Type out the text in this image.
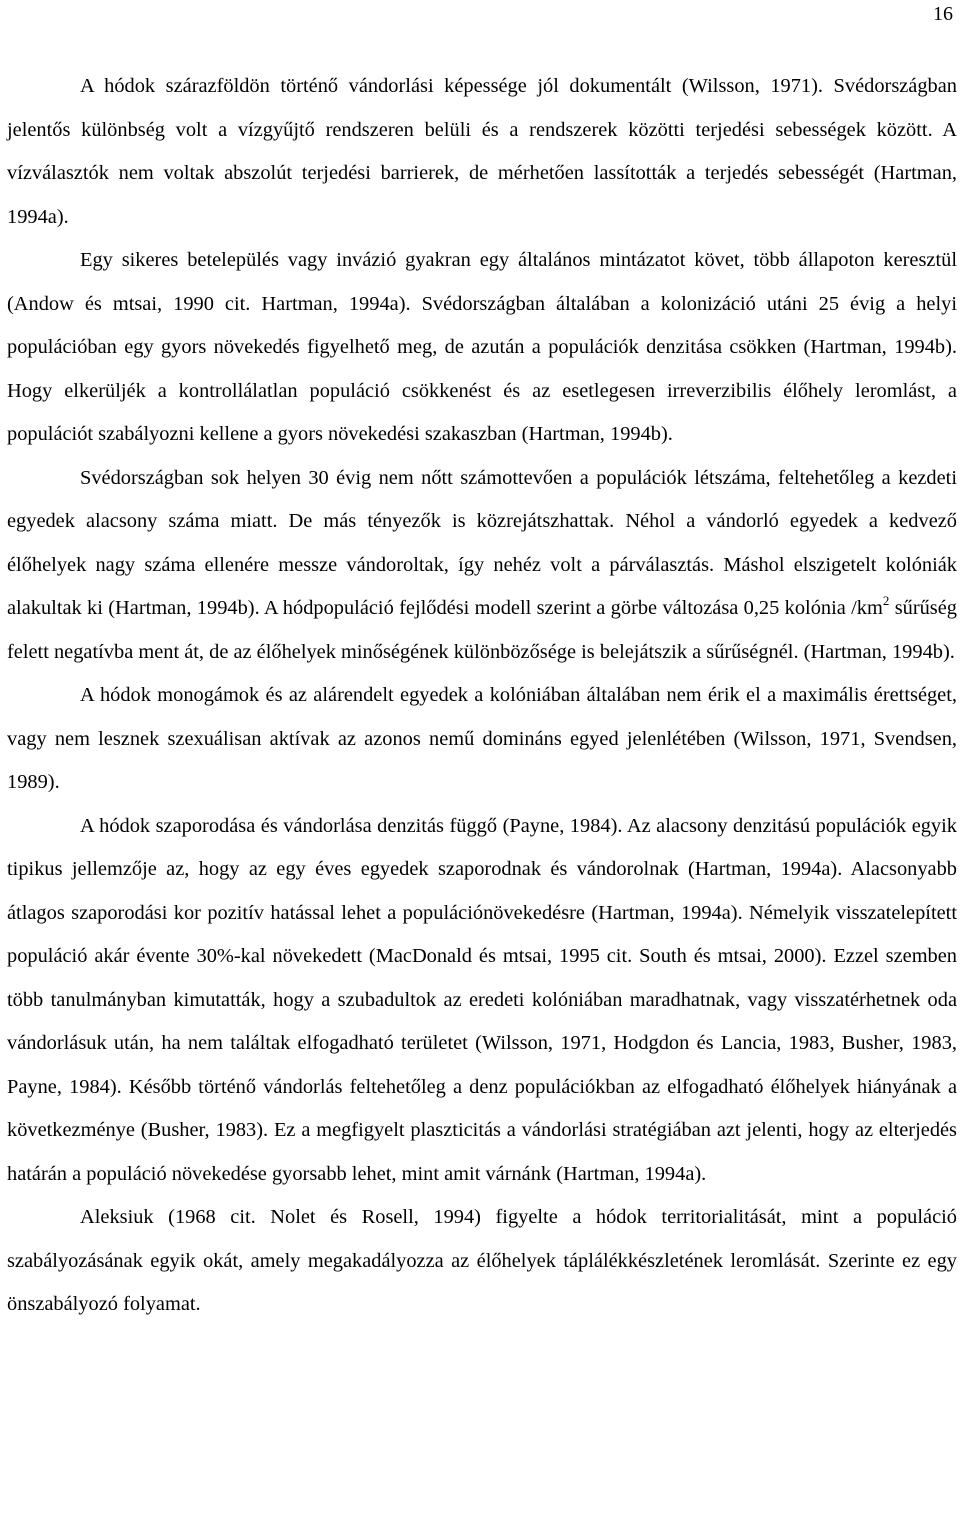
16

A hódok szárazföldön történő vándorlási képessége jól dokumentált (Wilsson, 1971). Svédországban jelentős különbség volt a vízgyűjtő rendszeren belüli és a rendszerek közötti terjedési sebességek között. A vízválasztók nem voltak abszolút terjedési barrierek, de mérhetően lassították a terjedés sebességét (Hartman, 1994a).

Egy sikeres betelepülés vagy invázió gyakran egy általános mintázatot követ, több állapoton keresztül (Andow és mtsai, 1990 cit. Hartman, 1994a). Svédországban általában a kolonizáció utáni 25 évig a helyi populációban egy gyors növekedés figyelhető meg, de azután a populációk denzitása csökken (Hartman, 1994b). Hogy elkerüljék a kontrollálatlan populáció csökkenést és az esetlegesen irreverzibilis élőhely leromlást, a populációt szabályozni kellene a gyors növekedési szakaszban (Hartman, 1994b).

Svédországban sok helyen 30 évig nem nőtt számottevően a populációk létszáma, feltehetőleg a kezdeti egyedek alacsony száma miatt. De más tényezők is közrejátszhattak. Néhol a vándorló egyedek a kedvező élőhelyek nagy száma ellenére messze vándoroltak, így nehéz volt a párválasztás. Máshol elszigetelt kolóniák alakultak ki (Hartman, 1994b). A hódpopuláció fejlődési modell szerint a görbe változása 0,25 kolónia $/km^2$ sűrűség felett negatívba ment át, de az élőhelyek minőségének különbözősége is belejátszik a sűrűségnél. (Hartman, 1994b).

A hódok monogámok és az alárendelt egyedek a kolóniában általában nem érik el a maximális érettséget, vagy nem lesznek szexuálisan aktívak az azonos nemű domináns egyed jelenlétében (Wilsson, 1971, Svendsen, 1989).

A hódok szaporodása és vándorlása denzitás függő (Payne, 1984). Az alacsony denzitású populációk egyik tipikus jellemzője az, hogy az egy éves egyedek szaporodnak és vándorolnak (Hartman, 1994a). Alacsonyabb átlagos szaporodási kor pozitív hatással lehet a populációnövekedésre (Hartman, 1994a). Némelyik visszatelepített populáció akár évente 30%-kal növekedett (MacDonald és mtsai, 1995 cit. South és mtsai, 2000). Ezzel szemben több tanulmányban kimutatták, hogy a szubadultok az eredeti kolóniában maradhatnak, vagy visszatérhetnek oda vándorlásuk után, ha nem találtak elfogadható területet (Wilsson, 1971, Hodgdon és Lancia, 1983, Busher, 1983, Payne, 1984). Később történő vándorlás feltehetőleg a denz populációkban az elfogadható élőhelyek hiányának a következménye (Busher, 1983). Ez a megfigyelt plaszticitás a vándorlási stratégiában azt jelenti, hogy az elterjedés határán a populáció növekedése gyorsabb lehet, mint amit várnánk (Hartman, 1994a).

Aleksiuk (1968 cit. Nolet és Rosell, 1994) figyelte a hódok territorialitását, mint a populáció szabályozásának egyik okát, amely megakadályozza az élőhelyek táplálékkészletének leromlását. Szerinte ez egy önszabályozó folyamat.
